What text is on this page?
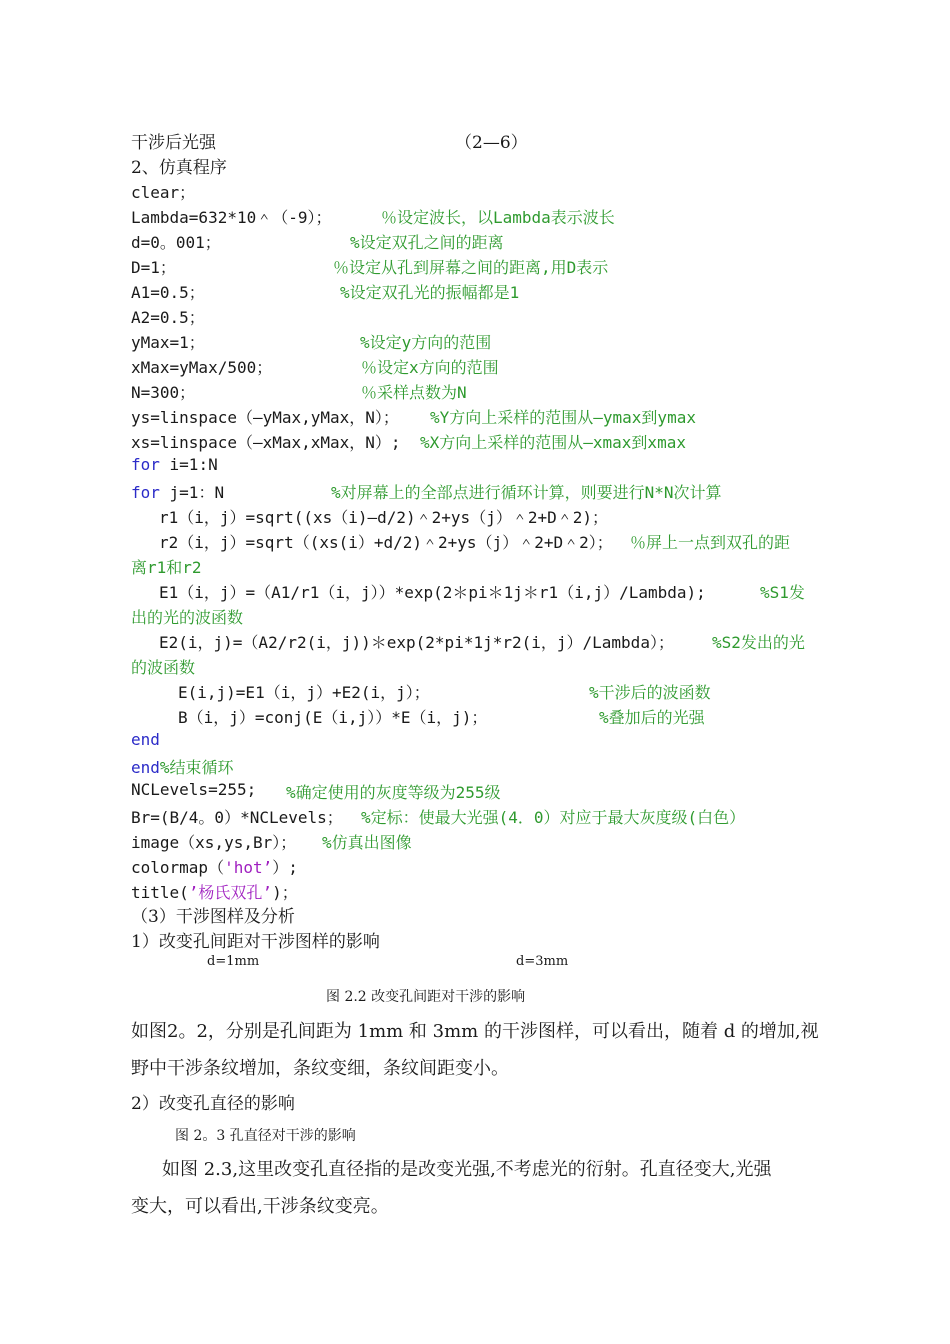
干涉后光强	（2—6）
2、仿真程序
clear；
Lambda=632*10＾（-9）；	％设定波长，以Lambda表示波长
d=0。001；	%设定双孔之间的距离
D=1；	％设定从孔到屏幕之间的距离,用D表示
A1=0.5；	%设定双孔光的振幅都是1
A2=0.5；
yMax=1；	%设定y方向的范围
xMax=yMax/500；	％设定x方向的范围
N=300；	％采样点数为N
ys=linspace（—yMax,yMax，N）； %Y方向上采样的范围从—ymax到ymax
xs=linspace（—xMax,xMax，N）; %X方向上采样的范围从—xmax到xmax
for i=1:N
for j=1：N	%对屏幕上的全部点进行循环计算，则要进行N*N次计算
r1（i，j）=sqrt((xs（i)—d/2)＾2+ys（j）＾2+D＾2)；
r2（i，j）=sqrt（(xs(i）+d/2)＾2+ys（j）＾2+D＾2）； ％屏上一点到双孔的距
离r1和r2
E1（i，j）=（A1/r1（i，j））*exp(2＊pi＊1j＊r1（i,j）/Lambda);	%S1发
出的光的波函数
E2(i，j)=（A2/r2(i，j))＊exp(2*pi*1j*r2(i，j）/Lambda）； %S2发出的光
的波函数
E(i,j)=E1（i，j）+E2(i，j）；	%干涉后的波函数
B（i，j）=conj(E（i,j））*E（i，j)；	%叠加后的光强
end
end%结束循环
NCLevels=255; %确定使用的灰度等级为255级
Br=(B/4。0）*NCLevels； %定标：使最大光强(4．0）对应于最大灰度级(白色）
image（xs,ys,Br）； %仿真出图像
colormap（'hot’）;
title(’杨氏双孔’)；
（3）干涉图样及分析
1）改变孔间距对干涉图样的影响
d=1mm	d=3mm
图 2.2 改变孔间距对干涉的影响
如图2。2，分别是孔间距为 1mm 和 3mm 的干涉图样，可以看出，随着 d 的增加,视
野中干涉条纹增加，条纹变细，条纹间距变小。
2）改变孔直径的影响
图 2。3 孔直径对干涉的影响
如图 2.3,这里改变孔直径指的是改变光强,不考虑光的衍射。孔直径变大,光强
变大，可以看出,干涉条纹变亮。
